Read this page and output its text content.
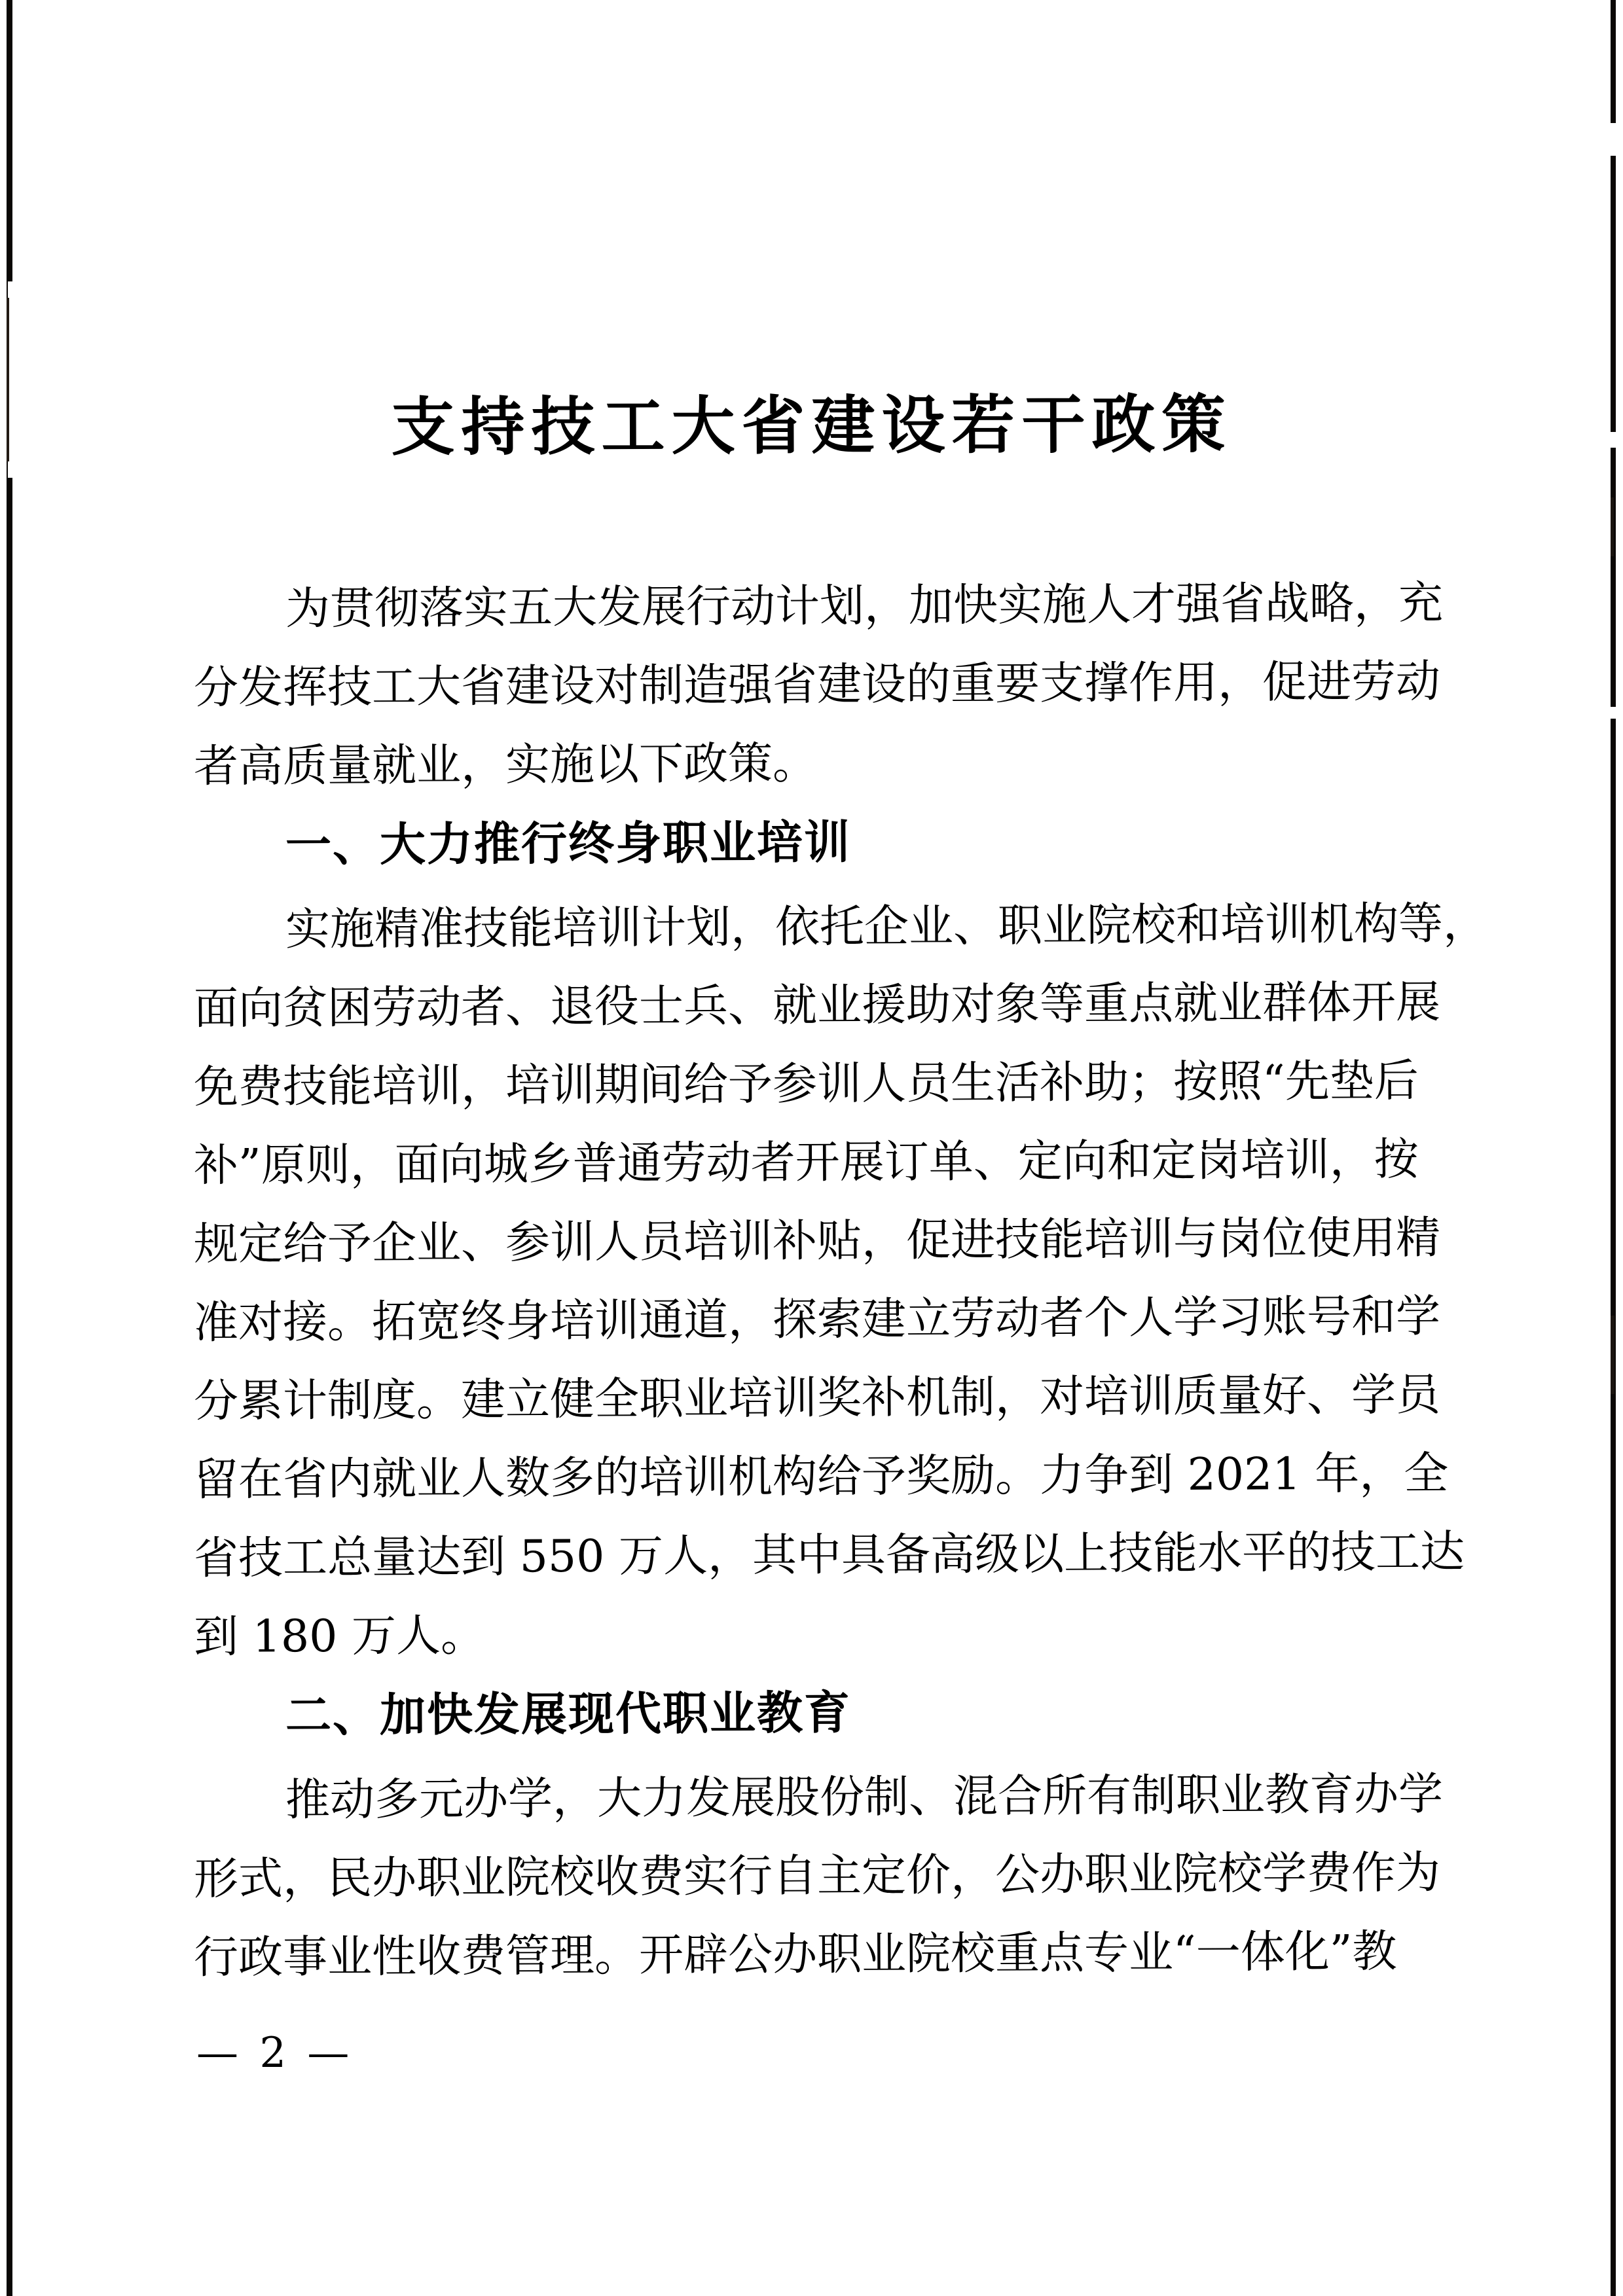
支持技工大省建设若干政策
为贯彻落实五大发展行动计划，加快实施人才强省战略，充
分发挥技工大省建设对制造强省建设的重要支撑作用，促进劳动
者高质量就业，实施以下政策。
一、大力推行终身职业培训
实施精准技能培训计划，依托企业、职业院校和培训机构等，
面向贫困劳动者、退役士兵、就业援助对象等重点就业群体开展
免费技能培训，培训期间给予参训人员生活补助；按照“先垫后
补”原则，面向城乡普通劳动者开展订单、定向和定岗培训，按
规定给予企业、参训人员培训补贴，促进技能培训与岗位使用精
准对接。拓宽终身培训通道，探索建立劳动者个人学习账号和学
分累计制度。建立健全职业培训奖补机制，对培训质量好、学员
留在省内就业人数多的培训机构给予奖励。力争到 2021 年，全
省技工总量达到 550 万人，其中具备高级以上技能水平的技工达
到 180 万人。
二、加快发展现代职业教育
推动多元办学，大力发展股份制、混合所有制职业教育办学
形式，民办职业院校收费实行自主定价，公办职业院校学费作为
行政事业性收费管理。开辟公办职业院校重点专业“一体化”教
— 2 —
